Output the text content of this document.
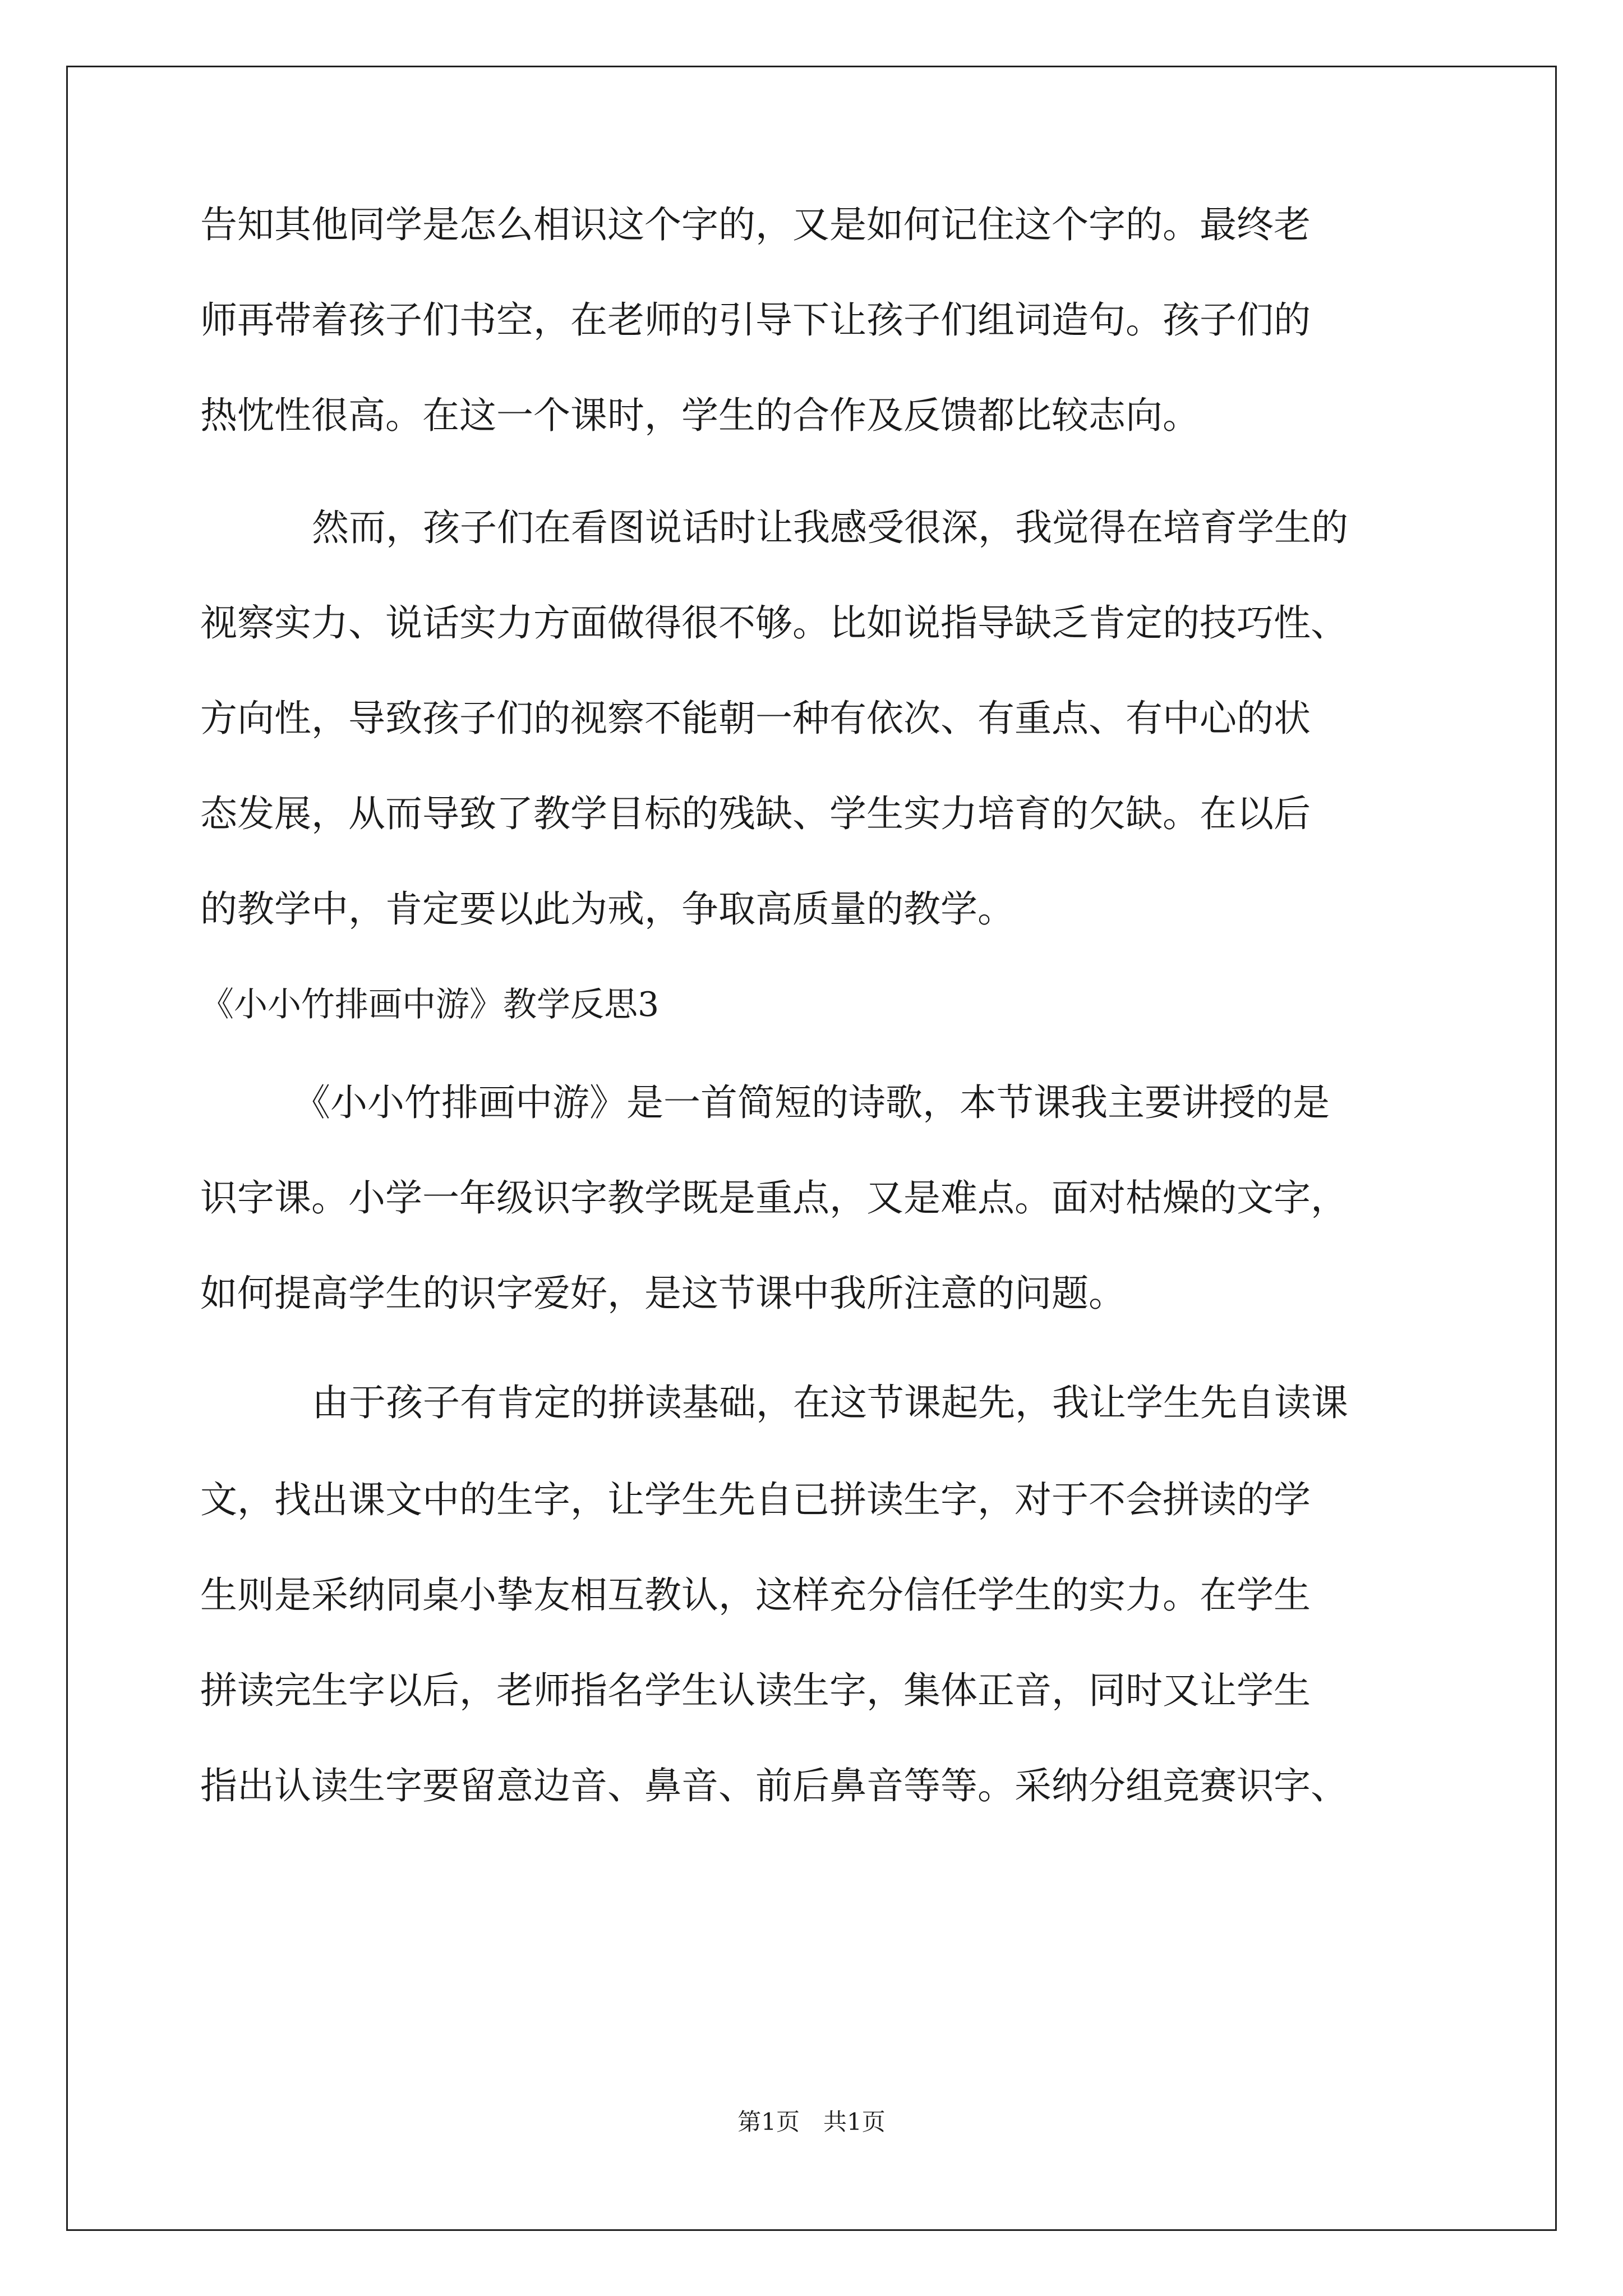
告知其他同学是怎么相识这个字的，又是如何记住这个字的。最终老
师再带着孩子们书空，在老师的引导下让孩子们组词造句。孩子们的
热忱性很高。在这一个课时，学生的合作及反馈都比较志向。
　然而，孩子们在看图说话时让我感受很深，我觉得在培育学生的
视察实力、说话实力方面做得很不够。比如说指导缺乏肯定的技巧性、
方向性，导致孩子们的视察不能朝一种有依次、有重点、有中心的状
态发展，从而导致了教学目标的残缺、学生实力培育的欠缺。在以后
的教学中，肯定要以此为戒，争取高质量的教学。
《小小竹排画中游》教学反思3
　《小小竹排画中游》是一首简短的诗歌，本节课我主要讲授的是
识字课。小学一年级识字教学既是重点，又是难点。面对枯燥的文字，
如何提高学生的识字爱好，是这节课中我所注意的问题。
　由于孩子有肯定的拼读基础，在这节课起先，我让学生先自读课
文，找出课文中的生字，让学生先自已拼读生字，对于不会拼读的学
生则是采纳同桌小挚友相互教认，这样充分信任学生的实力。在学生
拼读完生字以后，老师指名学生认读生字，集体正音，同时又让学生
指出认读生字要留意边音、鼻音、前后鼻音等等。采纳分组竞赛识字、
第1页　共1页
